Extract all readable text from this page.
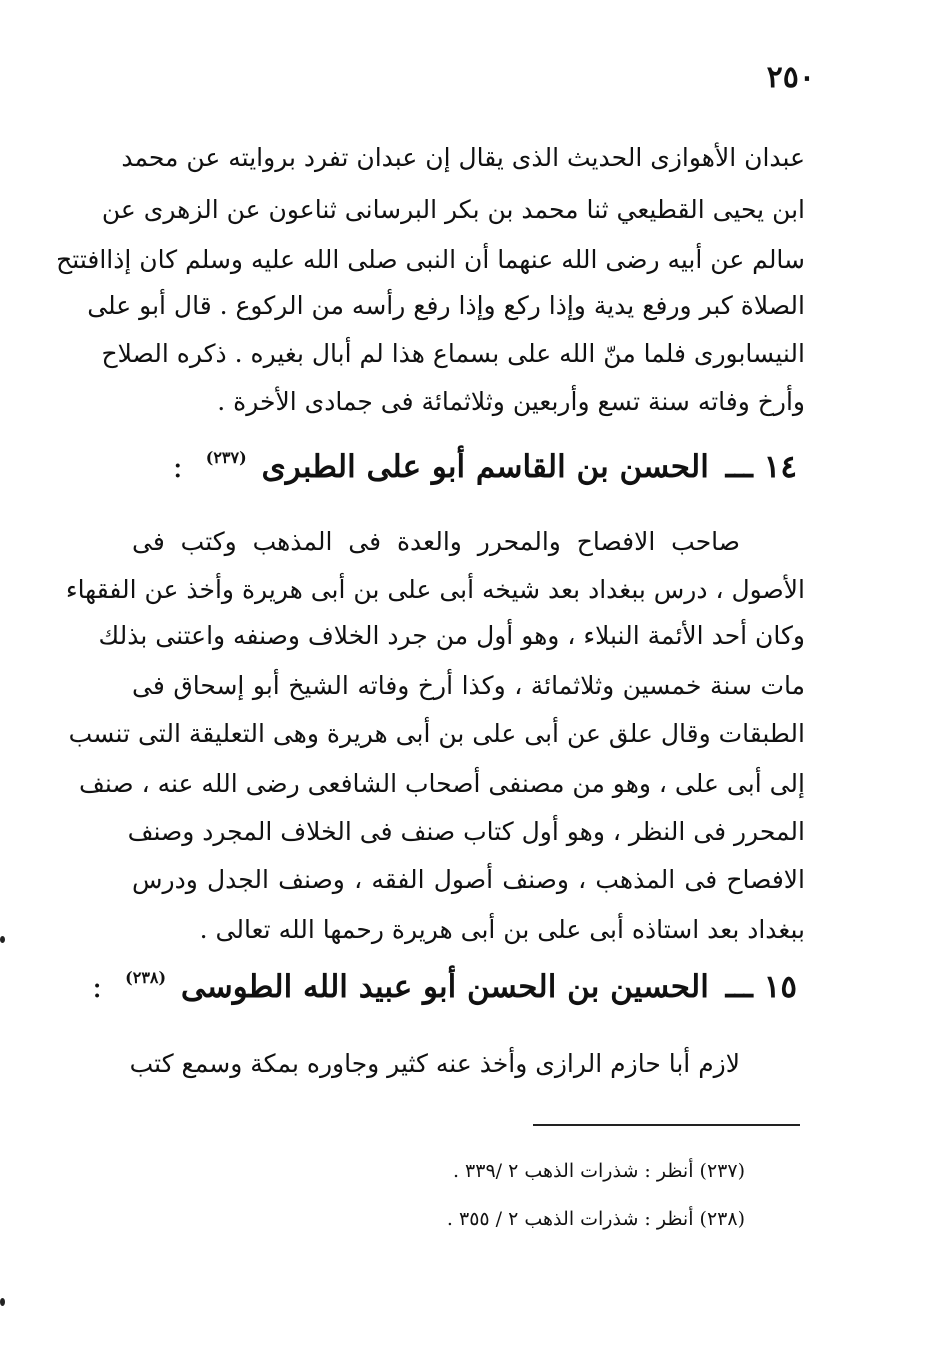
٢٥٠
عبدان الأهوازى الحديث الذى يقال إن عبدان تفرد بروايته عن محمد
ابن يحيى القطيعي ثنا محمد بن بكر البرسانى ثناعون عن الزهرى عن
سالم عن أبيه رضى الله عنهما أن النبى صلى الله عليه وسلم كان إذاافتتح
الصلاة كبر ورفع يدية وإذا ركع وإذا رفع رأسه من الركوع . قال أبو على
النيسابورى فلما منّ الله على بسماع هذا لم أبال بغيره . ذكره الصلاح
وأرخ وفاته سنة تسع وأربعين وثلاثمائة فى جمادى الأخرة .
١٤ ـــ الحسن بن القاسم أبو على الطبرى $^{(٢٣٧)}$ :
صاحب الافصاح والمحرر والعدة فى المذهب وكتب فى
الأصول ، درس ببغداد بعد شيخه أبى على بن أبى هريرة وأخذ عن الفقهاء
وكان أحد الأئمة النبلاء ، وهو أول من جرد الخلاف وصنفه واعتنى بذلك
مات سنة خمسين وثلاثمائة ، وكذا أرخ وفاته الشيخ أبو إسحاق فى
الطبقات وقال علق عن أبى على بن أبى هريرة وهى التعليقة التى تنسب
إلى أبى على ، وهو من مصنفى أصحاب الشافعى رضى الله عنه ، صنف
المحرر فى النظر ، وهو أول كتاب صنف فى الخلاف المجرد وصنف
الافصاح فى المذهب ، وصنف أصول الفقه ، وصنف الجدل ودرس
ببغداد بعد استاذه أبى على بن أبى هريرة رحمها الله تعالى .
١٥ ـــ الحسين بن الحسن أبو عبيد الله الطوسى $^{(٢٣٨)}$ :
لازم أبا حازم الرازى وأخذ عنه كثير وجاوره بمكة وسمع كتب
(٢٣٧) أنظر : شذرات الذهب ٢ /٣٣٩ .
(٢٣٨) أنظر : شذرات الذهب ٢ / ٣٥٥ .
